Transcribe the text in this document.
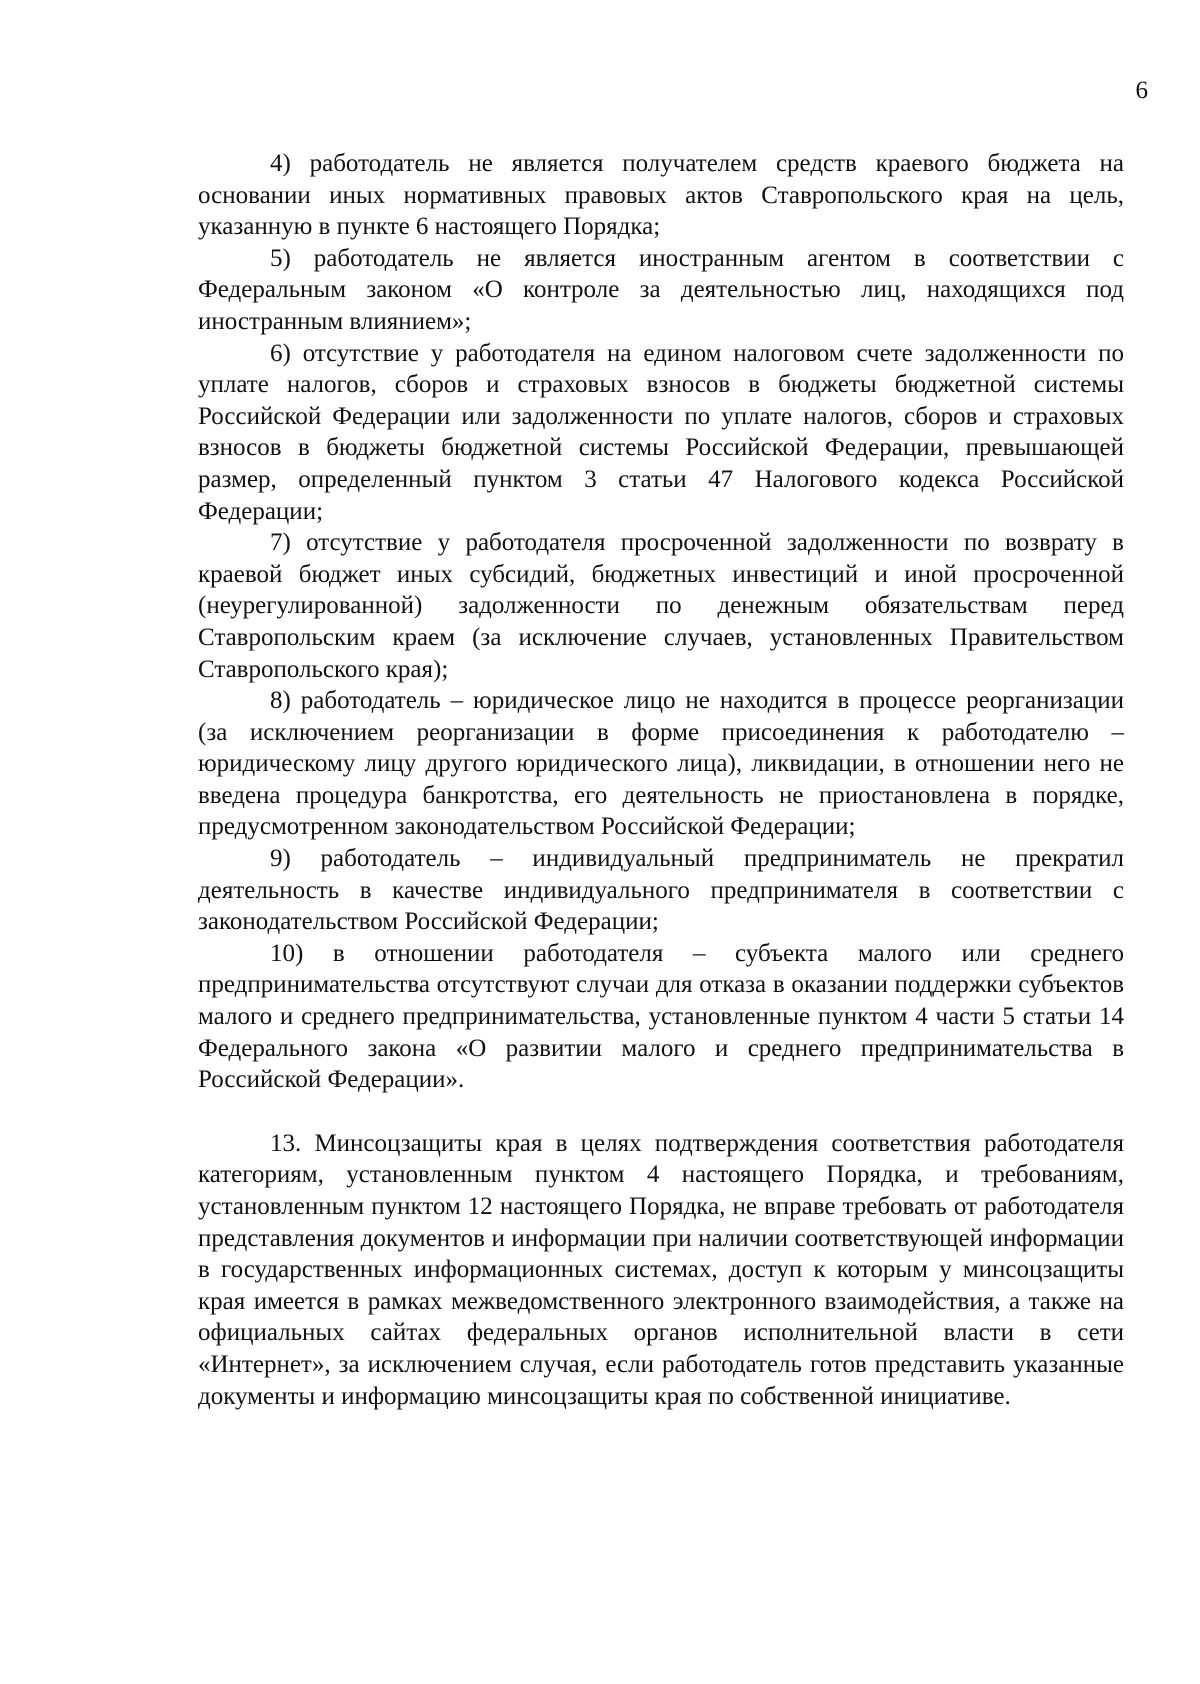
6

4) работодатель не является получателем средств краевого бюджета на основании иных нормативных правовых актов Ставропольского края на цель, указанную в пункте 6 настоящего Порядка;

5) работодатель не является иностранным агентом в соответствии с Федеральным законом «О контроле за деятельностью лиц, находящихся под иностранным влиянием»;

6) отсутствие у работодателя на едином налоговом счете задолженности по уплате налогов, сборов и страховых взносов в бюджеты бюджетной системы Российской Федерации или задолженности по уплате налогов, сборов и страховых взносов в бюджеты бюджетной системы Российской Федерации, превышающей размер, определенный пунктом 3 статьи 47 Налогового кодекса Российской Федерации;

7) отсутствие у работодателя просроченной задолженности по возврату в краевой бюджет иных субсидий, бюджетных инвестиций и иной просроченной (неурегулированной) задолженности по денежным обязательствам перед Ставропольским краем (за исключение случаев, установленных Правительством Ставропольского края);

8) работодатель – юридическое лицо не находится в процессе реорганизации (за исключением реорганизации в форме присоединения к работодателю – юридическому лицу другого юридического лица), ликвидации, в отношении него не введена процедура банкротства, его деятельность не приостановлена в порядке, предусмотренном законодательством Российской Федерации;

9) работодатель – индивидуальный предприниматель не прекратил деятельность в качестве индивидуального предпринимателя в соответствии с законодательством Российской Федерации;

10) в отношении работодателя – субъекта малого или среднего предпринимательства отсутствуют случаи для отказа в оказании поддержки субъектов малого и среднего предпринимательства, установленные пунктом 4 части 5 статьи 14 Федерального закона «О развитии малого и среднего предпринимательства в Российской Федерации».

13. Минсоцзащиты края в целях подтверждения соответствия работодателя категориям, установленным пунктом 4 настоящего Порядка, и требованиям, установленным пунктом 12 настоящего Порядка, не вправе требовать от работодателя представления документов и информации при наличии соответствующей информации в государственных информационных системах, доступ к которым у минсоцзащиты края имеется в рамках межведомственного электронного взаимодействия, а также на официальных сайтах федеральных органов исполнительной власти в сети «Интернет», за исключением случая, если работодатель готов представить указанные документы и информацию минсоцзащиты края по собственной инициативе.
